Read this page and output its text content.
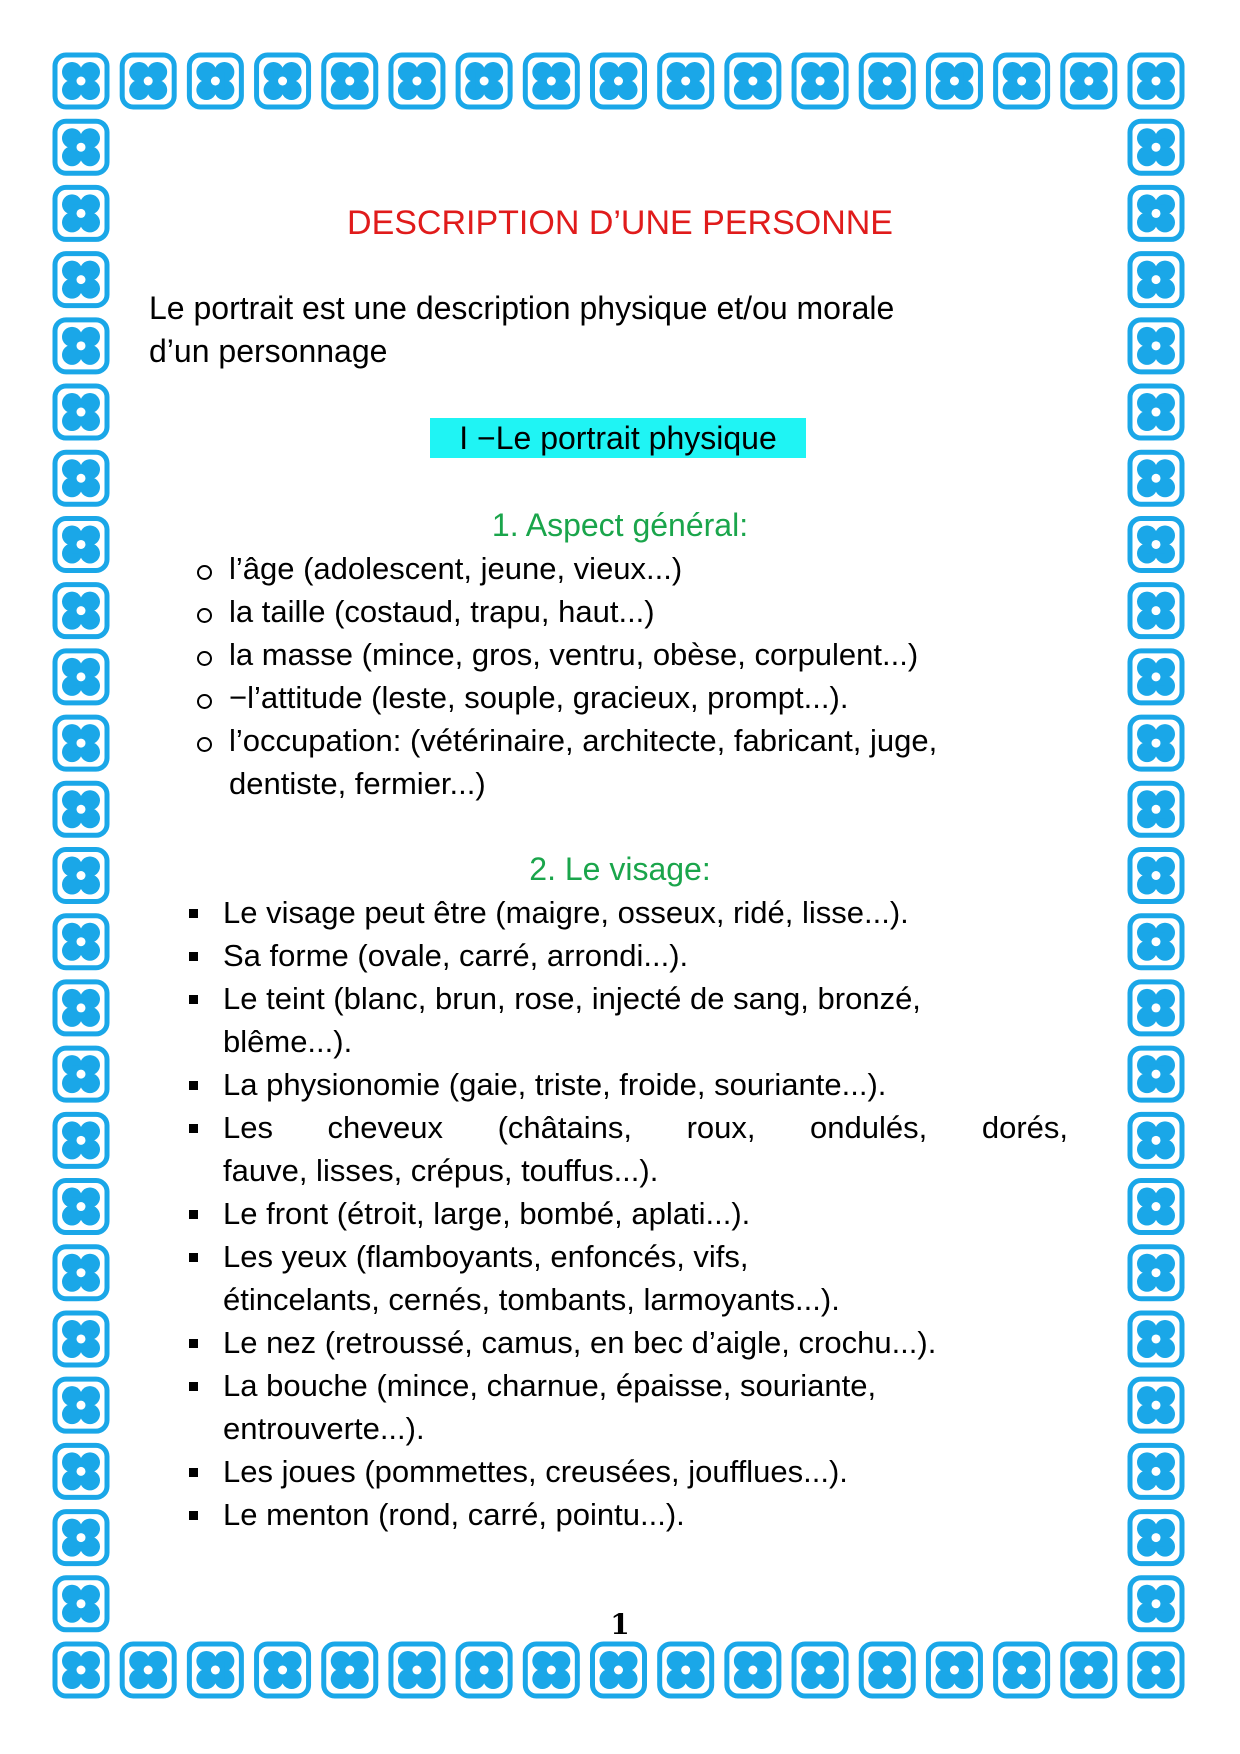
DESCRIPTION D’UNE PERSONNE
Le portrait est une description physique et/ou morale
d’un personnage
I −Le portrait physique
1. Aspect général:
l’âge (adolescent, jeune, vieux...)
la taille (costaud, trapu, haut...)
la masse (mince, gros, ventru, obèse, corpulent...)
−l’attitude (leste, souple, gracieux, prompt...).
l’occupation: (vétérinaire, architecte, fabricant, juge,
dentiste, fermier...)
2. Le visage:
Le visage peut être (maigre, osseux, ridé, lisse...).
Sa forme (ovale, carré, arrondi...).
Le teint (blanc, brun, rose, injecté de sang, bronzé,
blême...).
La physionomie (gaie, triste, froide, souriante...).
Les cheveux (châtains, roux, ondulés, dorés,
fauve, lisses, crépus, touffus...).
Le front (étroit, large, bombé, aplati...).
Les yeux (flamboyants, enfoncés, vifs,
étincelants, cernés, tombants, larmoyants...).
Le nez (retroussé, camus, en bec d’aigle, crochu...).
La bouche (mince, charnue, épaisse, souriante,
entrouverte...).
Les joues (pommettes, creusées, joufflues...).
Le menton (rond, carré, pointu...).
1
